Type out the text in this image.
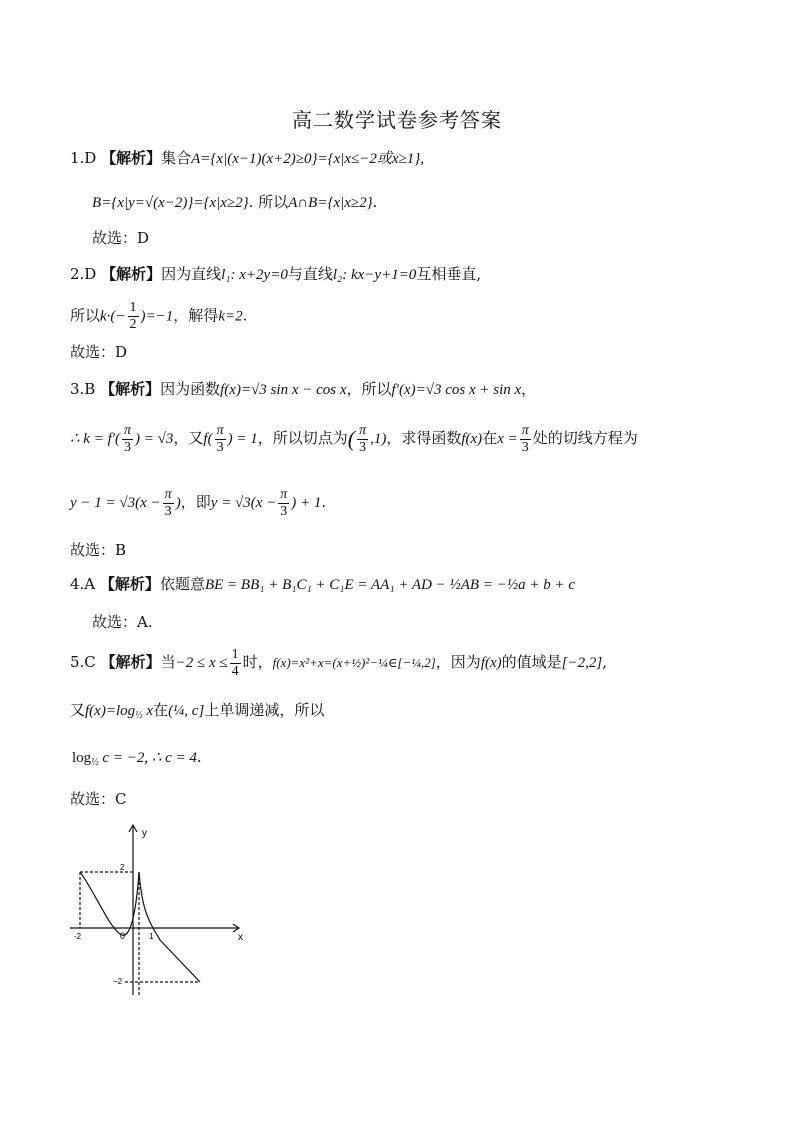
高二数学试卷参考答案
1.D 【解析】集合A={x|(x−1)(x+2)≥0}={x|x≤−2或x≥1},
B={x|y=√(x−2)}={x|x≥2}. 所以A∩B={x|x≥2}.
故选：D
2.D 【解析】因为直线l₁: x+2y=0与直线l₂: kx−y+1=0互相垂直,
所以$k\cdot(- \frac{1}{2} )=-1$，解得k=2.
故选：D
3.B 【解析】因为函数f(x)=√3 sin x − cos x，所以f′(x)=√3 cos x + sin x，
∴ $k = f'( \frac{\pi}{3}$ ) = √3，又$f( \frac{\pi}{3}$ ) = 1，所以切点为( $\frac{\pi}{3} ,1$)，求得函数f(x)在$x = \frac{\pi}{3}$ 处的切线方程为
$y - 1 = √3(x - \frac{\pi}{3}$ )，即$y = √3(x - \frac{\pi}{3}$ ) + 1.
故选：B
4.A 【解析】依题意BE = BB₁ + B₁C₁ + C₁E = AA₁ + AD − ½AB = −½a + b + c
故选：A.
5.C 【解析】当$-2 \le x \le \frac{1}{4}$ 时，f(x)=x²+x=(x+½)²−¼∈[−¼,2]，因为f(x)的值域是[−2,2],
又$f(x)=\log_{\frac{1}{2}}$ x在(¼, c]上单调递减，所以
$\log_{\frac{1}{2}} c = -2$, ∴ c = 4.
故选：C
y
x
2
−2
-2	0	1
